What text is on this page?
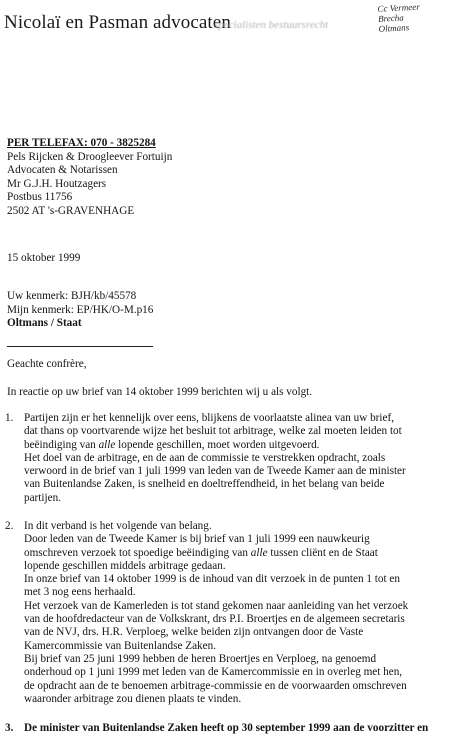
Nicolaï en Pasman advocaten
specialisten bestuursrecht
Cc Vermeer
Brecha
Oltmans
PER TELEFAX: 070 - 3825284
Pels Rijcken & Droogleever Fortuijn
Advocaten & Notarissen
Mr G.J.H. Houtzagers
Postbus 11756
2502 AT 's-GRAVENHAGE
15 oktober 1999
Uw kenmerk: BJH/kb/45578
Mijn kenmerk: EP/HK/O-M.p16
Oltmans / Staat
Geachte confrère,
In reactie op uw brief van 14 oktober 1999 berichten wij u als volgt.
1. Partijen zijn er het kennelijk over eens, blijkens de voorlaatste alinea van uw brief,
dat thans op voortvarende wijze het besluit tot arbitrage, welke zal moeten leiden tot
beëindiging van alle lopende geschillen, moet worden uitgevoerd.
Het doel van de arbitrage, en de aan de commissie te verstrekken opdracht, zoals
verwoord in de brief van 1 juli 1999 van leden van de Tweede Kamer aan de minister
van Buitenlandse Zaken, is snelheid en doeltreffendheid, in het belang van beide
partijen.
2. In dit verband is het volgende van belang.
Door leden van de Tweede Kamer is bij brief van 1 juli 1999 een nauwkeurig
omschreven verzoek tot spoedige beëindiging van alle tussen cliënt en de Staat
lopende geschillen middels arbitrage gedaan.
In onze brief van 14 oktober 1999 is de inhoud van dit verzoek in de punten 1 tot en
met 3 nog eens herhaald.
Het verzoek van de Kamerleden is tot stand gekomen naar aanleiding van het verzoek
van de hoofdredacteur van de Volkskrant, drs P.I. Broertjes en de algemeen secretaris
van de NVJ, drs. H.R. Verploeg, welke beiden zijn ontvangen door de Vaste
Kamercommissie van Buitenlandse Zaken.
Bij brief van 25 juni 1999 hebben de heren Broertjes en Verploeg, na genoemd
onderhoud op 1 juni 1999 met leden van de Kamercommissie en in overleg met hen,
de opdracht aan de te benoemen arbitrage-commissie en de voorwaarden omschreven
waaronder arbitrage zou dienen plaats te vinden.
3. De minister van Buitenlandse Zaken heeft op 30 september 1999 aan de voorzitter en
